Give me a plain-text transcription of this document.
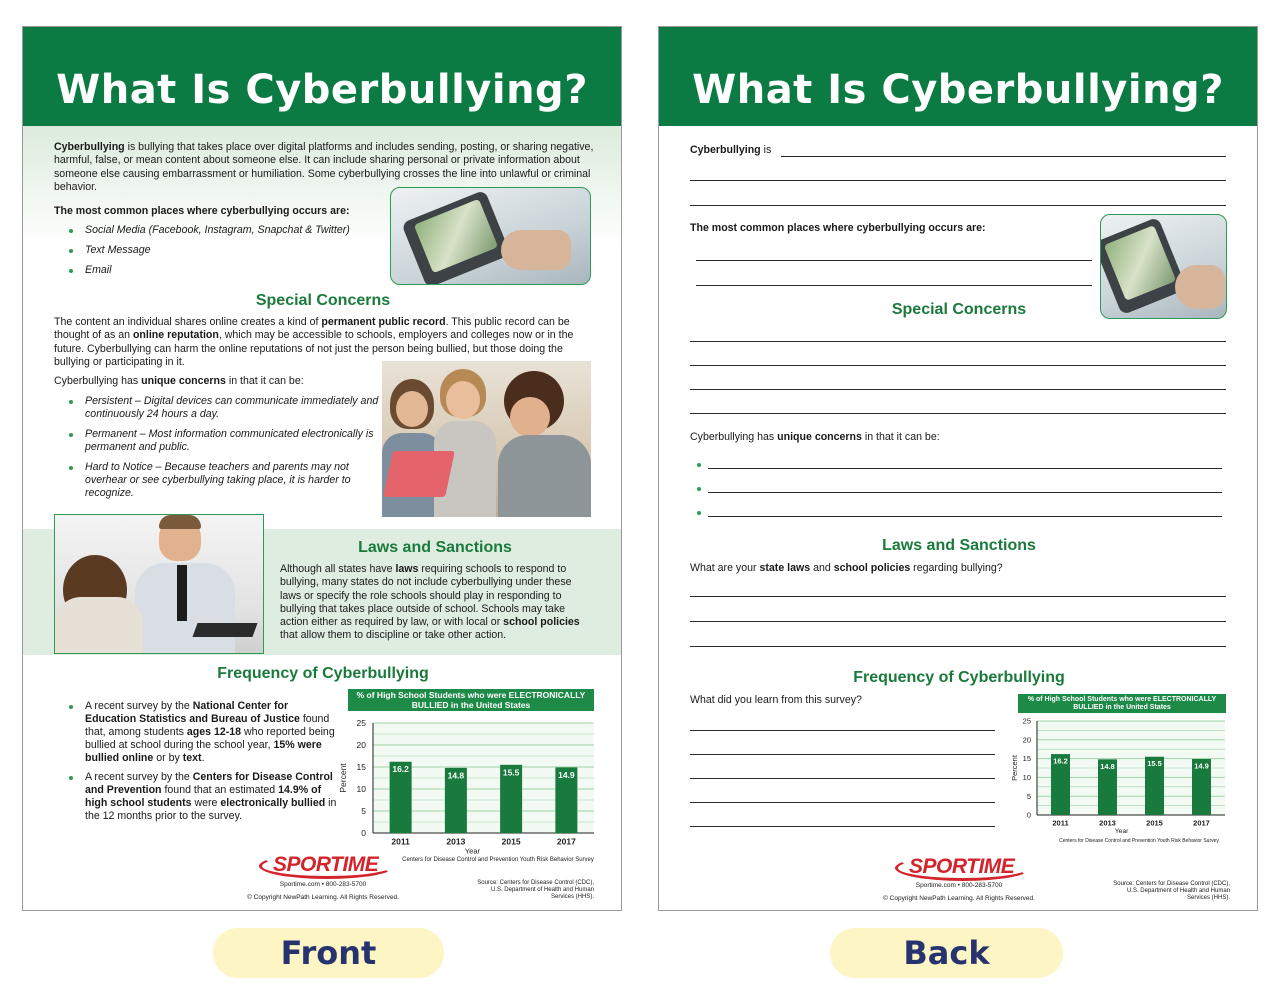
What Is Cyberbullying?

Cyberbullying is bullying that takes place over digital platforms and includes sending, posting, or sharing negative, harmful, false, or mean content about someone else. It can include sharing personal or private information about someone else causing embarrassment or humiliation. Some cyberbullying crosses the line into unlawful or criminal behavior.

The most common places where cyberbullying occurs are:

Social Media (Facebook, Instagram, Snapchat & Twitter)
Text Message
Email
Special Concerns

The content an individual shares online creates a kind of permanent public record. This public record can be thought of as an online reputation, which may be accessible to schools, employers and colleges now or in the future. Cyberbullying can harm the online reputations of not just the person being bullied, but those doing the bullying or participating in it.

Cyberbullying has unique concerns in that it can be:

Persistent – Digital devices can communicate immediately and continuously 24 hours a day.
Permanent – Most information communicated electronically is permanent and public.
Hard to Notice – Because teachers and parents may not overhear or see cyberbullying taking place, it is harder to recognize.
Laws and Sanctions

Although all states have laws requiring schools to respond to bullying, many states do not include cyberbullying under these laws or specify the role schools should play in responding to bullying that takes place outside of school. Schools may take action either as required by law, or with local or school policies that allow them to discipline or take other action.

Frequency of Cyberbullying
A recent survey by the National Center for Education Statistics and Bureau of Justice found that, among students ages 12-18 who reported being bullied at school during the school year, 15% were bullied online or by text.
A recent survey by the Centers for Disease Control and Prevention found that an estimated 14.9% of high school students were electronically bullied in the 12 months prior to the survey.
% of High School Students who were ELECTRONICALLY BULLIED in the United States
0
5
10
15
20
25
Percent	16.2
2011
14.8
2013
15.5
2015
14.9
2017
Year
Centers for Disease Control and Prevention Youth Risk Behavior Survey
SPORTIME
Sportime.com • 800-283-5700
© Copyright NewPath Learning. All Rights Reserved.
Source: Centers for Disease Control (CDC), U.S. Department of Health and Human Services (HHS).
What Is Cyberbullying?

Cyberbullying is

The most common places where cyberbullying occurs are:

Special Concerns

Cyberbullying has unique concerns in that it can be:

Laws and Sanctions

What are your state laws and school policies regarding bullying?

Frequency of Cyberbullying

What did you learn from this survey?	% of High School Students who were ELECTRONICALLY BULLIED in the United States
0
5
10
15
20
25
Percent	16.2
2011
14.8
2013
15.5
2015
14.9
2017
Year
Centers for Disease Control and Prevention Youth Risk Behavior Survey
SPORTIME
Sportime.com • 800-283-5700
© Copyright NewPath Learning. All Rights Reserved.
Source: Centers for Disease Control (CDC), U.S. Department of Health and Human Services (HHS).
Front	Back
